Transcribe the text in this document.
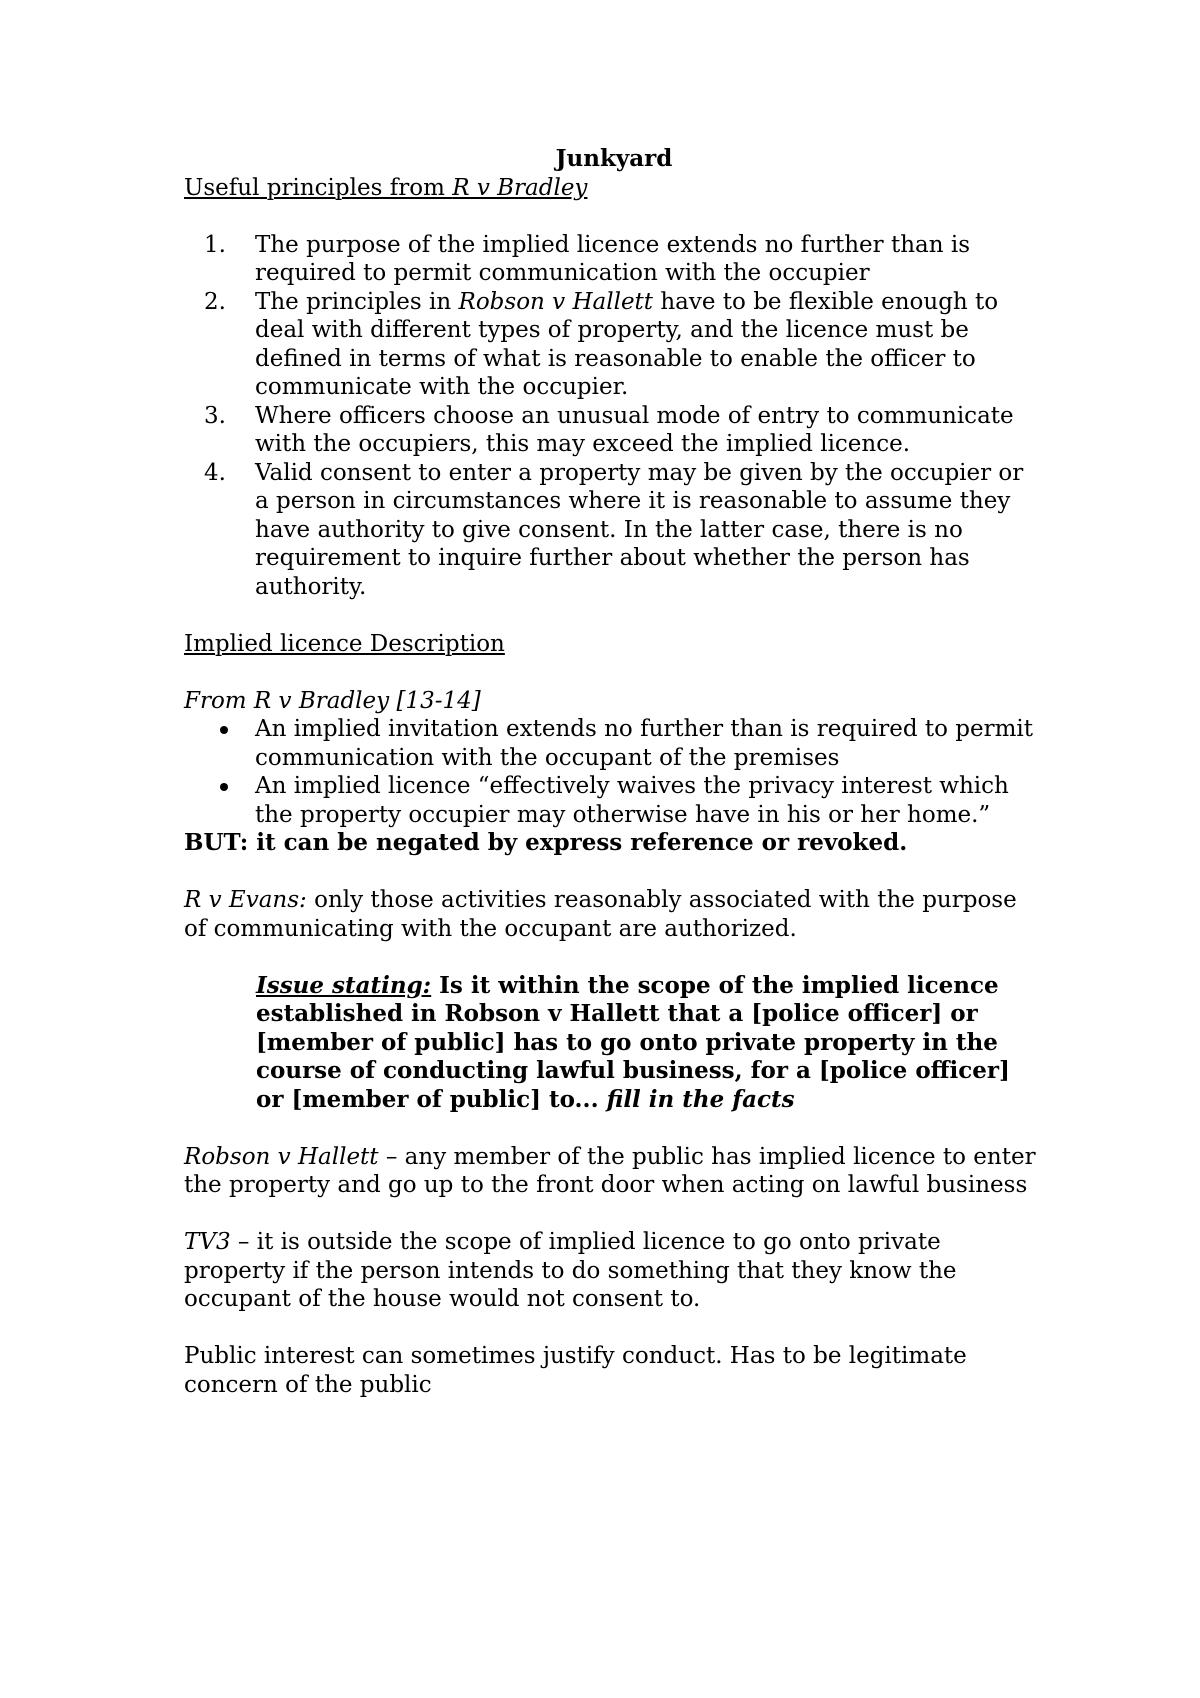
Junkyard

Useful principles from R v Bradley

1. The purpose of the implied licence extends no further than is required to permit communication with the occupier
2. The principles in Robson v Hallett have to be flexible enough to deal with different types of property, and the licence must be defined in terms of what is reasonable to enable the officer to communicate with the occupier.
3. Where officers choose an unusual mode of entry to communicate with the occupiers, this may exceed the implied licence.
4. Valid consent to enter a property may be given by the occupier or a person in circumstances where it is reasonable to assume they have authority to give consent. In the latter case, there is no requirement to inquire further about whether the person has authority.

Implied licence Description

From R v Bradley [13-14]

An implied invitation extends no further than is required to permit communication with the occupant of the premises
An implied licence “effectively waives the privacy interest which the property occupier may otherwise have in his or her home.”

BUT: it can be negated by express reference or revoked.

R v Evans: only those activities reasonably associated with the purpose of communicating with the occupant are authorized.

Issue stating: Is it within the scope of the implied licence established in Robson v Hallett that a [police officer] or [member of public] has to go onto private property in the course of conducting lawful business, for a [police officer] or [member of public] to... fill in the facts

Robson v Hallett – any member of the public has implied licence to enter the property and go up to the front door when acting on lawful business

TV3 – it is outside the scope of implied licence to go onto private property if the person intends to do something that they know the occupant of the house would not consent to.

Public interest can sometimes justify conduct. Has to be legitimate concern of the public
